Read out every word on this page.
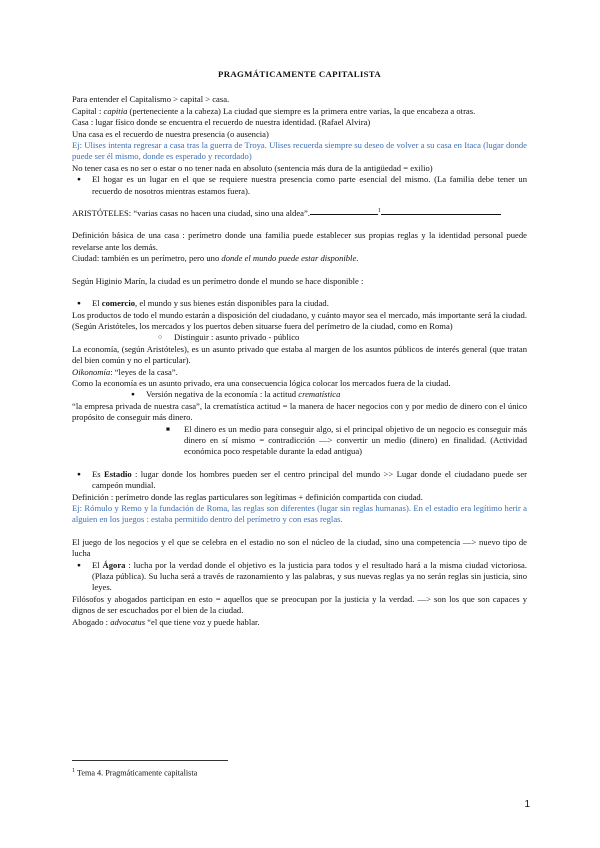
PRAGMÁTICAMENTE CAPITALISTA

Para entender el Capitalismo > capital > casa.

Capital : capitia (perteneciente a la cabeza) La ciudad que siempre es la primera entre varias, la que encabeza a otras.

Casa : lugar físico donde se encuentra el recuerdo de nuestra identidad. (Rafael Alvira)

Una casa es el recuerdo de nuestra presencia (o ausencia)

Ej: Ulises intenta regresar a casa tras la guerra de Troya. Ulises recuerda siempre su deseo de volver a su casa en Itaca (lugar donde puede ser él mismo, donde es esperado y recordado)

No tener casa es no ser o estar o no tener nada en absoluto (sentencia más dura de la antigüedad = exilio)

● El hogar es un lugar en el que se requiere nuestra presencia como parte esencial del mismo. (La familia debe tener un recuerdo de nosotros mientras estamos fuera).

ARISTÓTELES: “varias casas no hacen una ciudad, sino una aldea”.	$^1$

Definición básica de una casa : perímetro donde una familia puede establecer sus propias reglas y la identidad personal puede revelarse ante los demás.

Ciudad: también es un perímetro, pero uno donde el mundo puede estar disponible.

Según Higinio Marín, la ciudad es un perímetro donde el mundo se hace disponible :

● El comercio, el mundo y sus bienes están disponibles para la ciudad.

Los productos de todo el mundo estarán a disposición del ciudadano, y cuánto mayor sea el mercado, más importante será la ciudad. (Según Aristóteles, los mercados y los puertos deben situarse fuera del perímetro de la ciudad, como en Roma)

○ Distinguir : asunto privado - público

La economía, (según Aristóteles), es un asunto privado que estaba al margen de los asuntos públicos de interés general (que tratan del bien común y no el particular).

Oikonomía: “leyes de la casa”.

Como la economía es un asunto privado, era una consecuencia lógica colocar los mercados fuera de la ciudad.

● Versión negativa de la economía : la actitud crematística

“la empresa privada de nuestra casa”, la crematística actitud = la manera de hacer negocios con y por medio de dinero con el único propósito de conseguir más dinero.

■ El dinero es un medio para conseguir algo, si el principal objetivo de un negocio es conseguir más dinero en sí mismo = contradicción —> convertir un medio (dinero) en finalidad. (Actividad económica poco respetable durante la edad antigua)

● Es Estadio : lugar donde los hombres pueden ser el centro principal del mundo >> Lugar donde el ciudadano puede ser campeón mundial.

Definición : perímetro donde las reglas particulares son legítimas + definición compartida con ciudad.

Ej: Rómulo y Remo y la fundación de Roma, las reglas son diferentes (lugar sin reglas humanas). En el estadio era legítimo herir a alguien en los juegos : estaba permitido dentro del perímetro y con esas reglas.

El juego de los negocios y el que se celebra en el estadio no son el núcleo de la ciudad, sino una competencia —> nuevo tipo de lucha

● El Ágora : lucha por la verdad donde el objetivo es la justicia para todos y el resultado hará a la misma ciudad victoriosa. (Plaza pública). Su lucha será a través de razonamiento y las palabras, y sus nuevas reglas ya no serán reglas sin justicia, sino leyes.

Filósofos y abogados participan en esto = aquellos que se preocupan por la justicia y la verdad. —> son los que son capaces y dignos de ser escuchados por el bien de la ciudad.

Abogado : advocatus “el que tiene voz y puede hablar.

$^1$ Tema 4. Pragmáticamente capitalista

1
